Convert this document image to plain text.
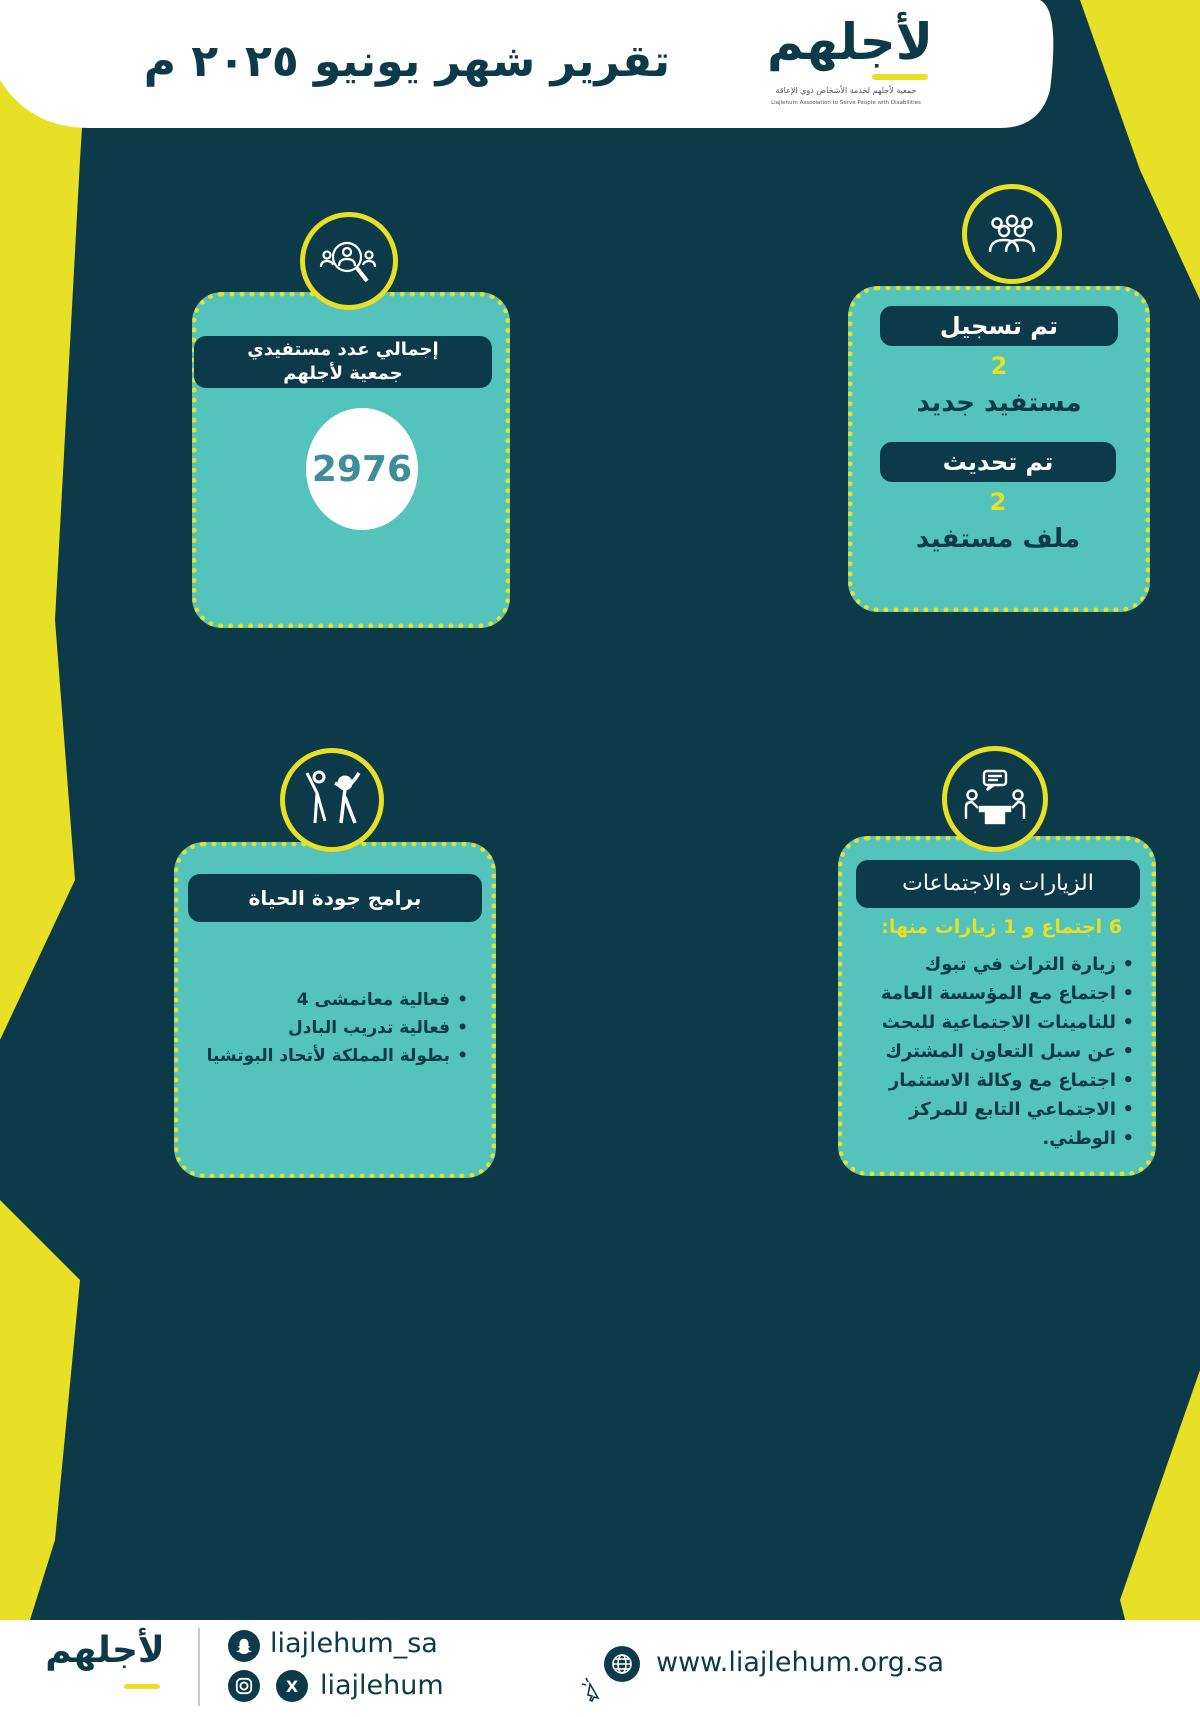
تقرير شهر يونيو ٢٠٢٥ م لأجلهم
جمعية لأجلهم لخدمة الأشخاص ذوي الإعاقة
Liajlehum Association to Serve People with Disabilities
تم تسجيل
2
مستفيد جديد
تم تحديث
2
ملف مستفيد
إجمالي عدد مستفيدي
جمعية لأجلهم
2976
الزيارات والاجتماعات
6 اجتماع و 1 زيارات منها:
• زيارة التراث في تبوك
• اجتماع مع المؤسسة العامة
• للتامينات الاجتماعية للبحث
• عن سبل التعاون المشترك
• اجتماع مع وكالة الاستثمار
• الاجتماعي التابع للمركز
• الوطني.
برامج جودة الحياة
• فعالية معانمشى 4
• فعالية تدريب البادل
• بطولة المملكة لأتحاد البوتشيا
لأجلهم	liajlehum_sa
X liajlehum
www.liajlehum.org.sa
